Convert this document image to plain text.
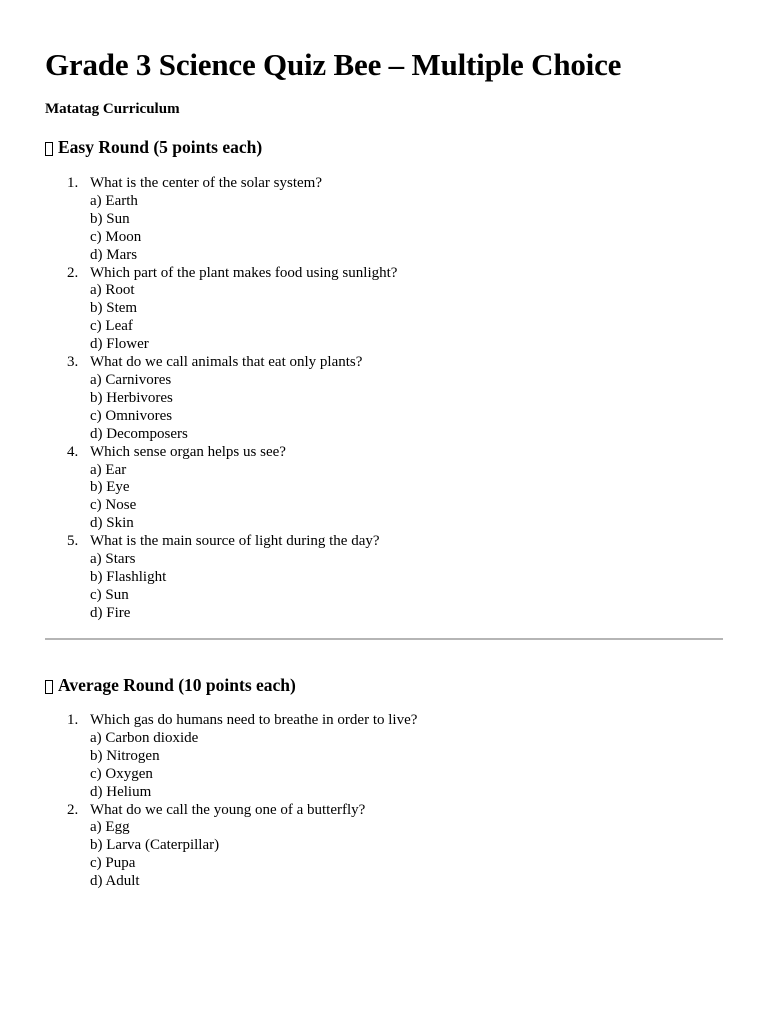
Grade 3 Science Quiz Bee – Multiple Choice
Matatag Curriculum
Easy Round (5 points each)
1. What is the center of the solar system?
a) Earth
b) Sun
c) Moon
d) Mars
2. Which part of the plant makes food using sunlight?
a) Root
b) Stem
c) Leaf
d) Flower
3. What do we call animals that eat only plants?
a) Carnivores
b) Herbivores
c) Omnivores
d) Decomposers
4. Which sense organ helps us see?
a) Ear
b) Eye
c) Nose
d) Skin
5. What is the main source of light during the day?
a) Stars
b) Flashlight
c) Sun
d) Fire
Average Round (10 points each)
1. Which gas do humans need to breathe in order to live?
a) Carbon dioxide
b) Nitrogen
c) Oxygen
d) Helium
2. What do we call the young one of a butterfly?
a) Egg
b) Larva (Caterpillar)
c) Pupa
d) Adult
